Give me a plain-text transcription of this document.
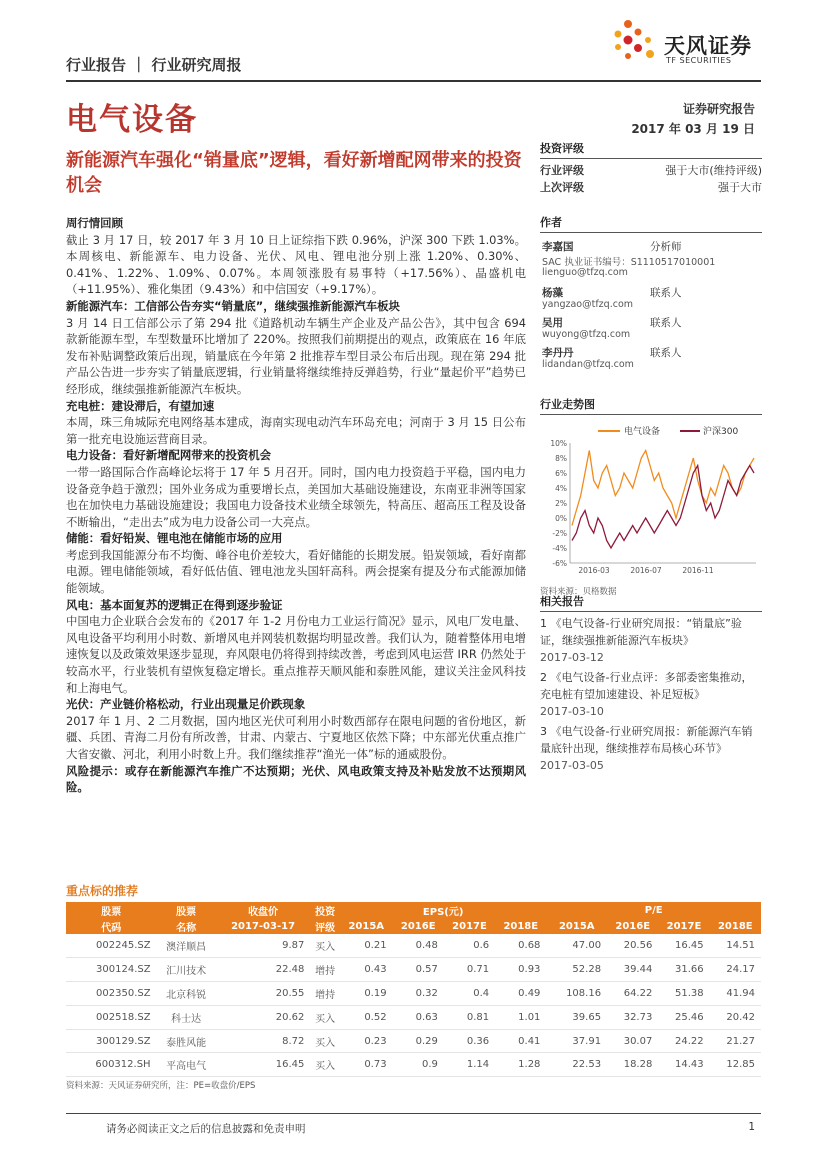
行业报告 ｜ 行业研究周报
天风证券
TF SECURITIES
电气设备	证券研究报告
2017 年 03 月 19 日
新能源汽车强化“销量底”逻辑，看好新增配网带来的投资机会
周行情回顾

截止 3 月 17 日，较 2017 年 3 月 10 日上证综指下跌 0.96%，沪深 300 下跌 1.03%。本周核电、新能源车、电力设备、光伏、风电、锂电池分别上涨 1.20%、0.30%、0.41%、1.22%、1.09%、0.07%。本周领涨股有易事特（+17.56%）、晶盛机电（+11.95%）、雅化集团（9.43%）和中信国安（+9.17%）。

新能源汽车：工信部公告夯实“销量底”，继续强推新能源汽车板块

3 月 14 日工信部公示了第 294 批《道路机动车辆生产企业及产品公告》，其中包含 694 款新能源车型，车型数量环比增加了 220%。按照我们前期提出的观点，政策底在 16 年底发布补贴调整政策后出现，销量底在今年第 2 批推荐车型目录公布后出现。现在第 294 批产品公告进一步夯实了销量底逻辑，行业销量将继续维持反弹趋势，行业“量起价平”趋势已经形成，继续强推新能源汽车板块。

充电桩：建设滞后，有望加速

本周，珠三角城际充电网络基本建成，海南实现电动汽车环岛充电；河南于 3 月 15 日公布第一批充电设施运营商目录。

电力设备：看好新增配网带来的投资机会

一带一路国际合作高峰论坛将于 17 年 5 月召开。同时，国内电力投资趋于平稳，国内电力设备竞争趋于激烈；国外业务成为重要增长点，美国加大基础设施建设，东南亚非洲等国家也在加快电力基础设施建设；我国电力设备技术业绩全球领先，特高压、超高压工程及设备不断输出，“走出去”成为电力设备公司一大亮点。

储能：看好铅炭、锂电池在储能市场的应用

考虑到我国能源分布不均衡、峰谷电价差较大，看好储能的长期发展。铅炭领域，看好南都电源。锂电储能领域，看好低估值、锂电池龙头国轩高科。两会提案有提及分布式能源加储能领域。

风电：基本面复苏的逻辑正在得到逐步验证

中国电力企业联合会发布的《2017 年 1-2 月份电力工业运行简况》显示，风电厂发电量、风电设备平均利用小时数、新增风电并网装机数据均明显改善。我们认为，随着整体用电增速恢复以及政策效果逐步显现，弃风限电仍将得到持续改善，考虑到风电运营 IRR 仍然处于较高水平，行业装机有望恢复稳定增长。重点推荐天顺风能和泰胜风能，建议关注金风科技和上海电气。

光伏：产业链价格松动，行业出现量足价跌现象

2017 年 1 月、2 二月数据，国内地区光伏可利用小时数西部存在限电问题的省份地区，新疆、兵团、青海二月份有所改善，甘肃、内蒙古、宁夏地区依然下降；中东部光伏重点推广大省安徽、河北，利用小时数上升。我们继续推荐“渔光一体”标的通威股份。

风险提示：或存在新能源汽车推广不达预期；光伏、风电政策支持及补贴发放不达预期风险。

投资评级
行业评级	强于大市(维持评级)
上次评级	强于大市
作者
李嘉国	分析师
SAC 执业证书编号：S1110517010001
lienguo@tfzq.com
杨藻	联系人
yangzao@tfzq.com
吴用	联系人
wuyong@tfzq.com
李丹丹	联系人
lidandan@tfzq.com
行业走势图
10%
8%
6%
4%
2%
0%
-2%
-4%
-6%
2016-03	2016-07	2016-11
电气设备	沪深300
资料来源：贝格数据
相关报告
1 《电气设备-行业研究周报：“销量底”验证，继续强推新能源汽车板块》
2017-03-12
2 《电气设备-行业点评：多部委密集推动，充电桩有望加速建设、补足短板》
2017-03-10
3 《电气设备-行业研究周报：新能源汽车销量底针出现，继续推荐布局核心环节》
2017-03-05
重点标的推荐
股票	股票	收盘价	投资	EPS(元)				P/E			
代码	名称	2017-03-17	评级	2015A	2016E	2017E	2018E	2015A	2016E	2017E	2018E
002245.SZ	澳洋顺昌	9.87	买入	0.21	0.48	0.6	0.68	47.00	20.56	16.45	14.51
300124.SZ	汇川技术	22.48	增持	0.43	0.57	0.71	0.93	52.28	39.44	31.66	24.17
002350.SZ	北京科锐	20.55	增持	0.19	0.32	0.4	0.49	108.16	64.22	51.38	41.94
002518.SZ	科士达	20.62	买入	0.52	0.63	0.81	1.01	39.65	32.73	25.46	20.42
300129.SZ	泰胜风能	8.72	买入	0.23	0.29	0.36	0.41	37.91	30.07	24.22	21.27
600312.SH	平高电气	16.45	买入	0.73	0.9	1.14	1.28	22.53	18.28	14.43	12.85
资料来源：天风证券研究所，注：PE=收盘价/EPS
请务必阅读正文之后的信息披露和免责申明	1
